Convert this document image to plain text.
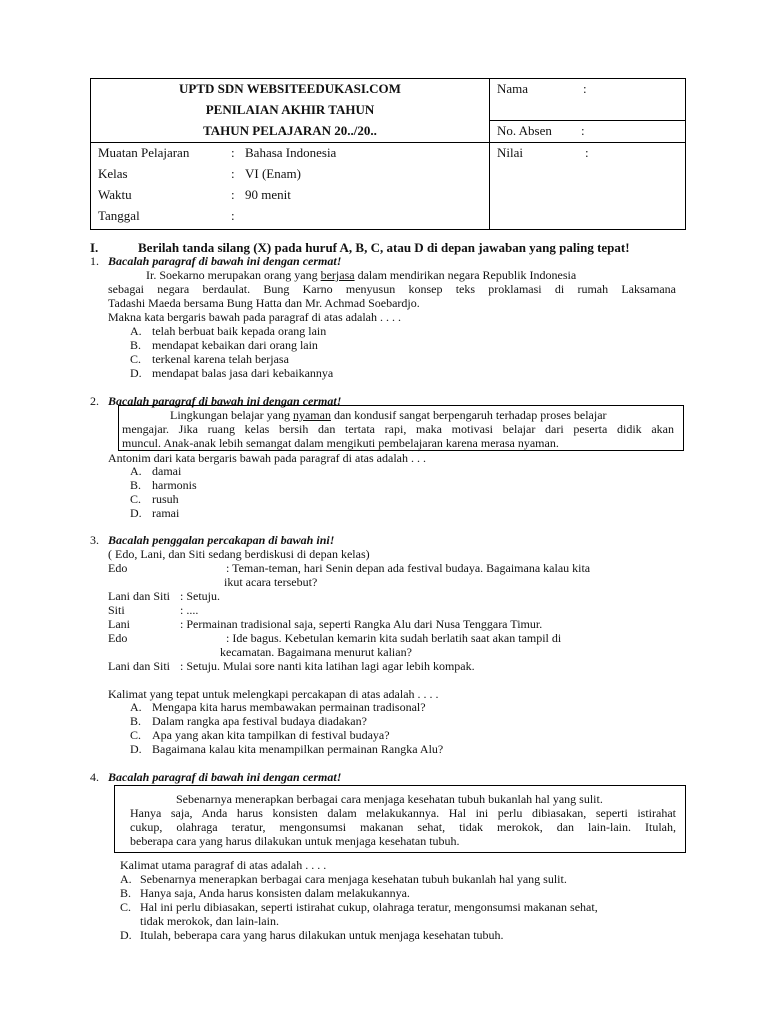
UPTD SDN WEBSITEEDUKASI.COM
PENILAIAN AKHIR TAHUN
TAHUN PELAJARAN 20../20..
Nama	:
No. Absen :
Nilai	:
Muatan Pelajaran	: Bahasa Indonesia
Kelas	: VI (Enam)
Waktu	: 90 menit
Tanggal	:
I.	Berilah tanda silang (X) pada huruf A, B, C, atau D di depan jawaban yang paling tepat!
1. Bacalah paragraf di bawah ini dengan cermat!
Ir. Soekarno merupakan orang yang berjasa dalam mendirikan negara Republik Indonesia
sebagai negara berdaulat. Bung Karno menyusun konsep teks proklamasi di rumah Laksamana
Tadashi Maeda bersama Bung Hatta dan Mr. Achmad Soebardjo.
Makna kata bergaris bawah pada paragraf di atas adalah . . . .
A. telah berbuat baik kepada orang lain
B. mendapat kebaikan dari orang lain
C. terkenal karena telah berjasa
D. mendapat balas jasa dari kebaikannya
2. Bacalah paragraf di bawah ini dengan cermat!
Lingkungan belajar yang nyaman dan kondusif sangat berpengaruh terhadap proses belajar
mengajar. Jika ruang kelas bersih dan tertata rapi, maka motivasi belajar dari peserta didik akan
muncul. Anak-anak lebih semangat dalam mengikuti pembelajaran karena merasa nyaman.
Antonim dari kata bergaris bawah pada paragraf di atas adalah . . .
A. damai
B. harmonis
C. rusuh
D. ramai
3. Bacalah penggalan percakapan di bawah ini!
( Edo, Lani, dan Siti sedang berdiskusi di depan kelas)
Edo	: Teman-teman, hari Senin depan ada festival budaya. Bagaimana kalau kita
ikut acara tersebut?
Lani dan Siti : Setuju.
Siti	: ....
Lani	: Permainan tradisional saja, seperti Rangka Alu dari Nusa Tenggara Timur.
Edo	: Ide bagus. Kebetulan kemarin kita sudah berlatih saat akan tampil di
kecamatan. Bagaimana menurut kalian?
Lani dan Siti : Setuju. Mulai sore nanti kita latihan lagi agar lebih kompak.
Kalimat yang tepat untuk melengkapi percakapan di atas adalah . . . .
A. Mengapa kita harus membawakan permainan tradisonal?
B. Dalam rangka apa festival budaya diadakan?
C. Apa yang akan kita tampilkan di festival budaya?
D. Bagaimana kalau kita menampilkan permainan Rangka Alu?
4. Bacalah paragraf di bawah ini dengan cermat!
Sebenarnya menerapkan berbagai cara menjaga kesehatan tubuh bukanlah hal yang sulit.
Hanya saja, Anda harus konsisten dalam melakukannya. Hal ini perlu dibiasakan, seperti istirahat
cukup, olahraga teratur, mengonsumsi makanan sehat, tidak merokok, dan lain-lain. Itulah,
beberapa cara yang harus dilakukan untuk menjaga kesehatan tubuh.
Kalimat utama paragraf di atas adalah . . . .
A. Sebenarnya menerapkan berbagai cara menjaga kesehatan tubuh bukanlah hal yang sulit.
B. Hanya saja, Anda harus konsisten dalam melakukannya.
C. Hal ini perlu dibiasakan, seperti istirahat cukup, olahraga teratur, mengonsumsi makanan sehat,
tidak merokok, dan lain-lain.
D. Itulah, beberapa cara yang harus dilakukan untuk menjaga kesehatan tubuh.
